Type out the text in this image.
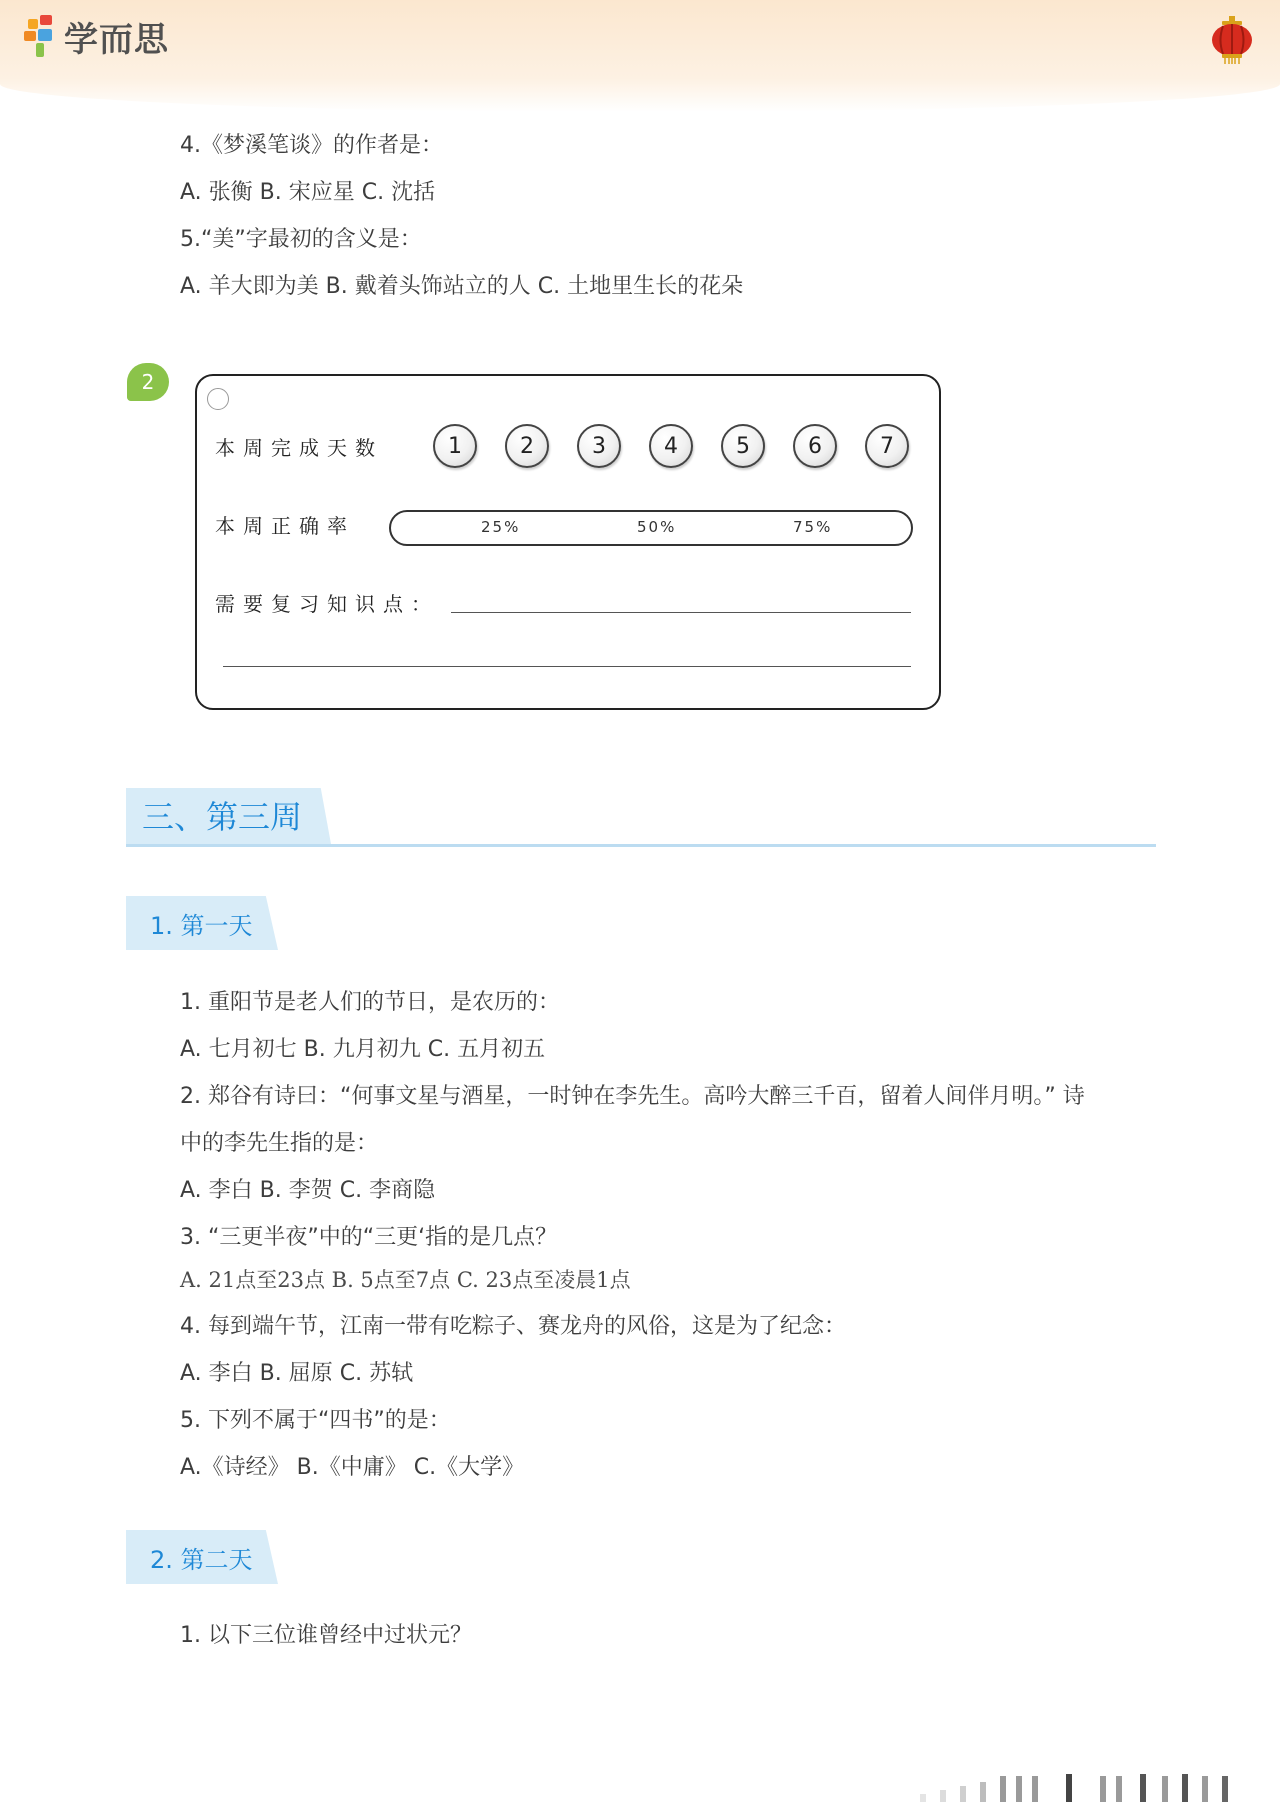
学而思
4.《梦溪笔谈》的作者是：
A. 张衡 B. 宋应星 C. 沈括
5.“美”字最初的含义是：
A. 羊大即为美 B. 戴着头饰站立的人 C. 土地里生长的花朵
2
本周完成天数	1	2	3	4	5	6	7
本周正确率	25%	50%	75%
需要复习知识点：
三、第三周
1. 第一天
1. 重阳节是老人们的节日，是农历的：
A. 七月初七 B. 九月初九 C. 五月初五
2. 郑谷有诗曰：“何事文星与酒星，一时钟在李先生。高吟大醉三千百，留着人间伴月明。” 诗
中的李先生指的是：
A. 李白 B. 李贺 C. 李商隐
3. “三更半夜”中的“三更‘指的是几点？
A. 21点至23点 B. 5点至7点 C. 23点至凌晨1点
4. 每到端午节，江南一带有吃粽子、赛龙舟的风俗，这是为了纪念：
A. 李白 B. 屈原 C. 苏轼
5. 下列不属于“四书”的是：
A.《诗经》 B.《中庸》 C.《大学》
2. 第二天
1. 以下三位谁曾经中过状元？
